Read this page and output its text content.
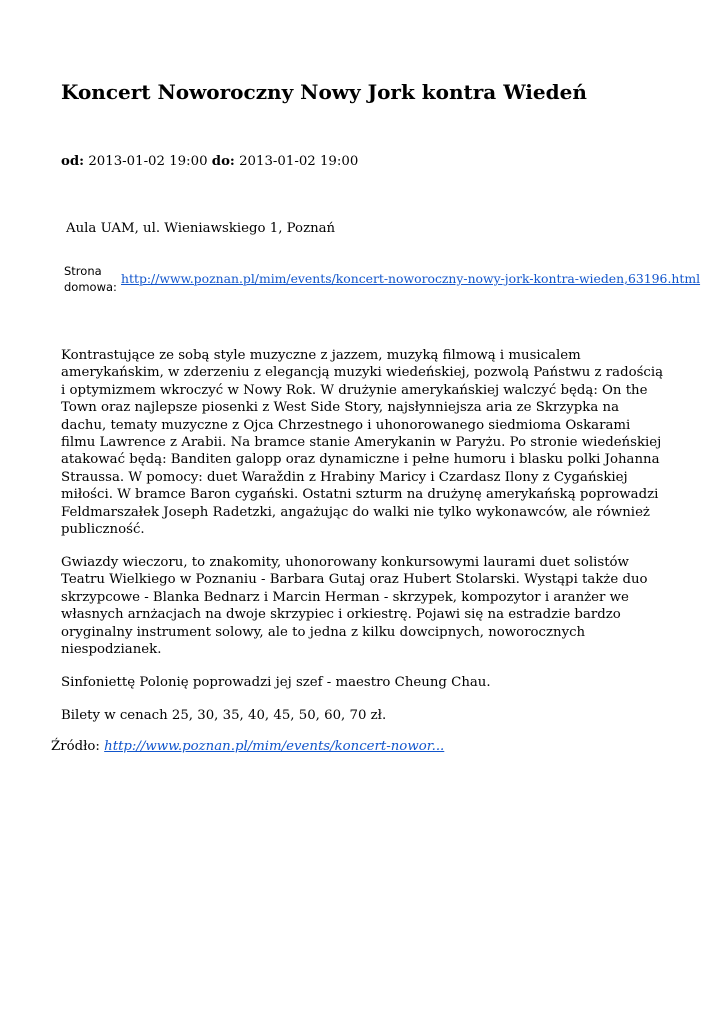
Koncert Noworoczny Nowy Jork kontra Wiedeń
od: 2013-01-02 19:00 do: 2013-01-02 19:00
Aula UAM, ul. Wieniawskiego 1, Poznań
Strona domowa:
http://www.poznan.pl/mim/events/koncert-noworoczny-nowy-jork-kontra-wieden,63196.html

Kontrastujące ze sobą style muzyczne z jazzem, muzyką filmową i musicalem amerykańskim, w zderzeniu z elegancją muzyki wiedeńskiej, pozwolą Państwu z radością i optymizmem wkroczyć w Nowy Rok. W drużynie amerykańskiej walczyć będą: On the Town oraz najlepsze piosenki z West Side Story, najsłynniejsza aria ze Skrzypka na dachu, tematy muzyczne z Ojca Chrzestnego i uhonorowanego siedmioma Oskarami filmu Lawrence z Arabii. Na bramce stanie Amerykanin w Paryżu. Po stronie wiedeńskiej atakować będą: Banditen galopp oraz dynamiczne i pełne humoru i blasku polki Johanna Straussa. W pomocy: duet Waraždin z Hrabiny Maricy i Czardasz Ilony z Cygańskiej miłości. W bramce Baron cygański. Ostatni szturm na drużynę amerykańską poprowadzi Feldmarszałek Joseph Radetzki, angażując do walki nie tylko wykonawców, ale również publiczność.

Gwiazdy wieczoru, to znakomity, uhonorowany konkursowymi laurami duet solistów Teatru Wielkiego w Poznaniu - Barbara Gutaj oraz Hubert Stolarski. Wystąpi także duo skrzypcowe - Blanka Bednarz i Marcin Herman - skrzypek, kompozytor i aranżer we własnych arnżacjach na dwoje skrzypiec i orkiestrę. Pojawi się na estradzie bardzo oryginalny instrument solowy, ale to jedna z kilku dowcipnych, noworocznych niespodzianek.

Sinfoniettę Polonię poprowadzi jej szef - maestro Cheung Chau.

Bilety w cenach 25, 30, 35, 40, 45, 50, 60, 70 zł.

Źródło: http://www.poznan.pl/mim/events/koncert-nowor...
